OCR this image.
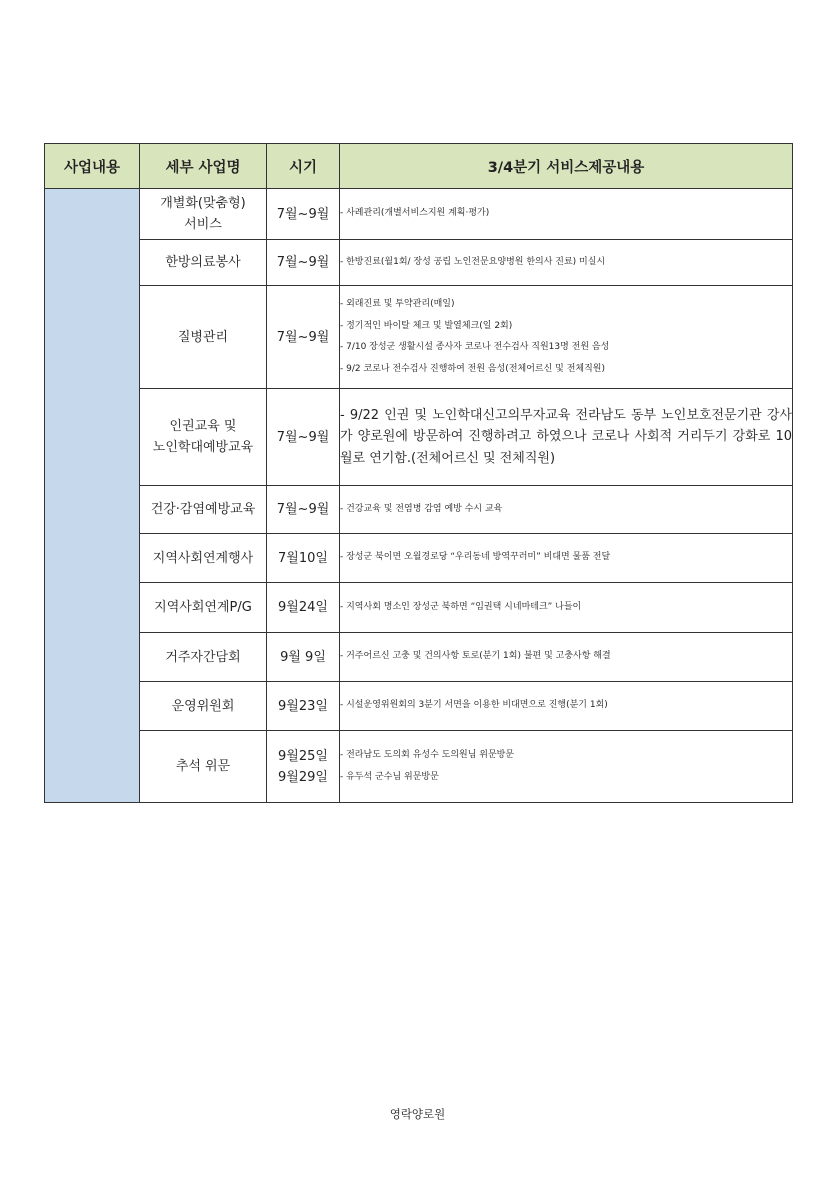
사업내용	세부 사업명	시기	3/4분기 서비스제공내용

	개별화(맞춤형)
서비스	7월~9월	- 사례관리(개별서비스지원 계획·평가)

	한방의료봉사	7월~9월	- 한방진료(월1회/ 장성 공립 노인전문요양병원 한의사 진료) 미실시

	질병관리	7월~9월	- 외래진료 및 투약관리(매일)
- 정기적인 바이탈 체크 및 발열체크(일 2회)
- 7/10 장성군 생활시설 종사자 코로나 전수검사 직원13명 전원 음성
- 9/2 코로나 전수검사 진행하여 전원 음성(전체어르신 및 전체직원)

	인권교육 및
노인학대예방교육	7월~9월	- 9/22 인권 및 노인학대신고의무자교육 전라남도 동부 노인보호전문기관 강사가 양로원에 방문하여 진행하려고 하였으나 코로나 사회적 거리두기 강화로 10월로 연기함.(전체어르신 및 전체직원)

	건강·감염예방교육	7월~9월	- 건강교육 및 전염병 감염 예방 수시 교육

	지역사회연계행사	7월10일	- 장성군 북이면 오월경로당 “우리동네 방역꾸러미” 비대면 물품 전달

	지역사회연계P/G	9월24일	- 지역사회 명소인 장성군 북하면 “임권택 시네마테크” 나들이

	거주자간담회	9월 9일	- 거주어르신 고충 및 건의사항 토로(분기 1회) 불편 및 고충사항 해결

	운영위원회	9월23일	- 시설운영위원회의 3분기 서면을 이용한 비대면으로 진행(분기 1회)

	추석 위문	9월25일
9월29일	- 전라남도 도의회 유성수 도의원님 위문방문
- 유두석 군수님 위문방문
영락양로원
